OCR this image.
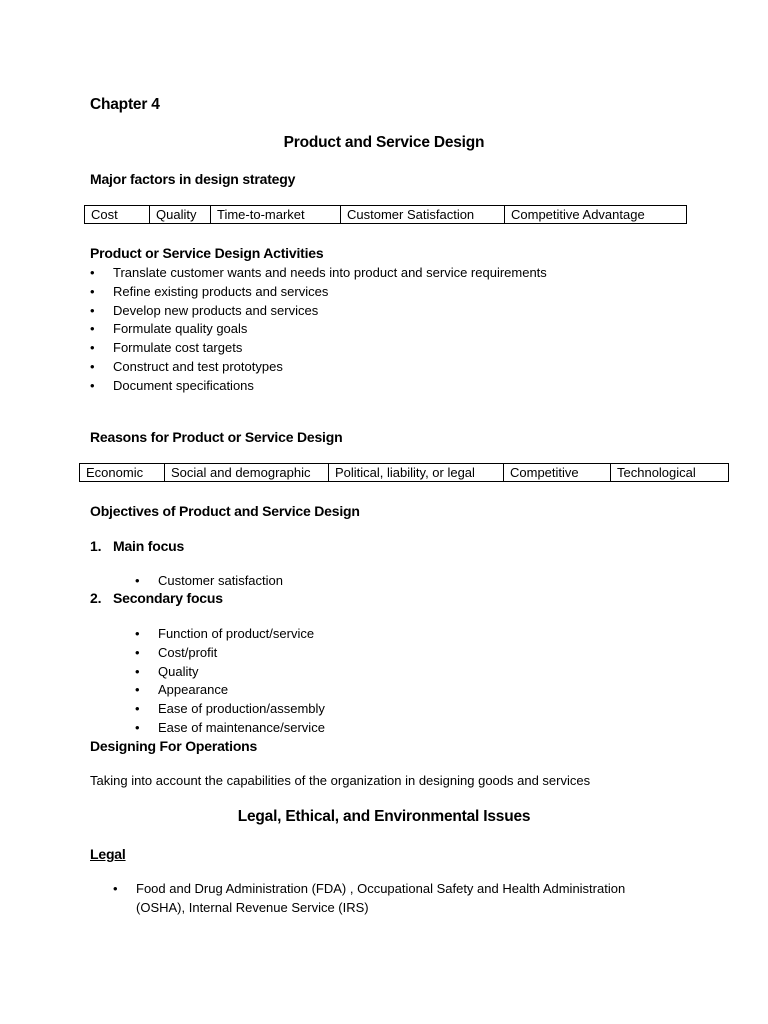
Chapter 4
Product and Service Design
Major factors in design strategy
Cost	Quality	Time-to-market	Customer Satisfaction	Competitive Advantage
Product or Service Design Activities
•
Translate customer wants and needs into product and service requirements
•
Refine existing products and services
•
Develop new products and services
•
Formulate quality goals
•
Formulate cost targets
•
Construct and test prototypes
•
Document specifications
Reasons for Product or Service Design
Economic	Social and demographic	Political, liability, or legal	Competitive	Technological
Objectives of Product and Service Design
1. Main focus
•
Customer satisfaction
2. Secondary focus
•
Function of product/service
•
Cost/profit
•
Quality
•
Appearance
•
Ease of production/assembly
•
Ease of maintenance/service
Designing For Operations
Taking into account the capabilities of the organization in designing goods and services
Legal, Ethical, and Environmental Issues
Legal
•
Food and Drug Administration (FDA) , Occupational Safety and Health Administration (OSHA), Internal Revenue Service (IRS)
